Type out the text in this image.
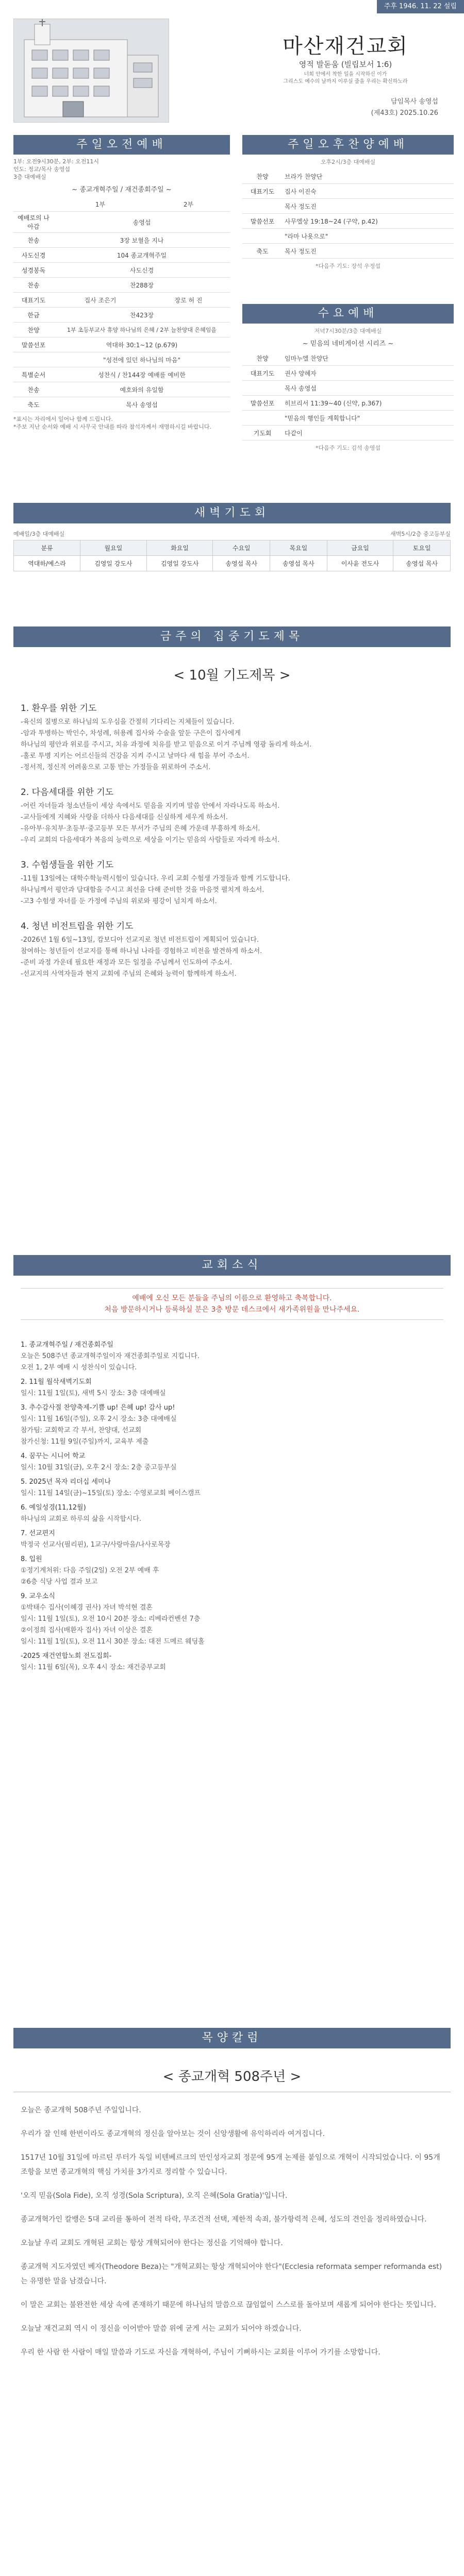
주후 1946. 11. 22 설립
마산재건교회
영적 발돋움 (빌립보서 1:6)
너희 안에서 착한 일을 시작하신 이가
그리스도 예수의 날까지 이루실 줄을 우리는 확신하노라
담임목사 송영섭
(제43호) 2025.10.26
주일오전예배
1부: 오전9시30분, 2부: 오전11시
인도: 정교/목사 송영섭
3층 대예배실
~ 종교개혁주일 / 재건종회주일 ~
	1부	2부
예배로의 나아감	송영섭	
찬송	3장 보혈을 지나	
사도신경	104 종교개혁주일	
성경봉독	사도신경	
찬송	찬288장	
대표기도	집사 조은기	장로 허 진
한금	찬423장	
찬양	1부 초등부교사 휴양 하나님의 은혜 / 2부 늘찬양대 은혜임을	
말씀선포	역대하 30:1~12 (p.679)	
	"성전에 있던 하나님의 마음"	
특별순서	성찬식 / 찬144장 예배를 예비한	
찬송	예호와의 유일함	
축도	목사 송영섭	
*표시는 자리에서 일어나 함께 드립니다.
*주보 지난 순서와 예배 시 사무국 안내를 따라 참석자께서 재명하시길 바랍니다.
주일오후찬양예배
오후2시/3층 대예배실
찬양	브라가 찬양단
대표기도	집사 이진숙
	목사 정도진
말씀선포	사무엘상 19:18~24 (구약, p.42)
	"라마 나욧으로"
축도	목사 정도진
*다음주 기도: 장석 우정섭
수요예배
저녁7시30분/3층 대예배실
~ 믿음의 네비게이션 시리즈 ~
찬양	임마누엘 찬양단
대표기도	권사 양혜자
	목사 송영섭
말씀선포	히브리서 11:39~40 (신약, p.367)
	"믿음의 행인들 계획합니다"
기도회	다같이
*다음주 기도: 김석 송영섭
새벽기도회
예배일/3층 대예배실	새벽5시/2층 중고등부실
분류	월요일	화요일	수요일	목요일	금요일	토요일
역대하/예스라	김영일 강도사	김영일 강도사	송영섭 목사	송영섭 목사	이사윤 전도사	송영섭 목사
금주의 집중기도제목
< 10월 기도제목 >

1. 환우를 위한 기도

-육신의 질병으로 하나님의 도우심을 간절히 기다리는 지체들이 있습니다.

-암과 투병하는 박인수, 차성례, 허용례 집사와 수술을 앞둔 구은이 집사에게

하나님의 평안과 위로를 주시고, 치유 과정에 치유를 받고 믿음으로 이겨 주님께 영광 돌리게 하소서.

-홀로 투병 지키는 어르신들의 건강을 지켜 주시고 날마다 새 힘을 부어 주소서.

-정서적, 정신적 어려움으로 고통 받는 가정들을 위로하여 주소서.

2. 다음세대를 위한 기도

-어린 자녀들과 청소년들이 세상 속에서도 믿음을 지키며 말씀 안에서 자라나도록 하소서.

-교사들에게 지혜와 사랑을 더하사 다음세대를 신실하게 세우게 하소서.

-유아부·유치부·초등부·중고등부 모든 부서가 주님의 은혜 가운데 부흥하게 하소서.

-우리 교회의 다음세대가 복음의 능력으로 세상을 이기는 믿음의 사람들로 자라게 하소서.

3. 수험생들을 위한 기도

-11월 13일에는 대학수학능력시험이 있습니다. 우리 교회 수험생 가정들과 함께 기도합니다.

하나님께서 평안과 담대함을 주시고 최선을 다해 준비한 것을 마음껏 펼치게 하소서.

-고3 수험생 자녀를 둔 가정에 주님의 위로와 평강이 넘치게 하소서.

4. 청년 비전트립을 위한 기도

-2026년 1월 6일~13일, 캄보디아 선교지로 청년 비전트립이 계획되어 있습니다.

참여하는 청년들이 선교지를 통해 하나님 나라를 경험하고 비전을 발견하게 하소서.

-준비 과정 가운데 필요한 재정과 모든 일정을 주님께서 인도하여 주소서.

-선교지의 사역자들과 현지 교회에 주님의 은혜와 능력이 함께하게 하소서.

교회소식
예배에 오신 모든 분들을 주님의 이름으로 환영하고 축복합니다.
처음 방문하시거나 등록하실 분은 3층 방문 데스크에서 새가족위원을 만나주세요.

1. 종교개혁주일 / 재건종회주일

오늘은 508주년 종교개혁주일이자 재건종회주일로 지킵니다.

오전 1, 2부 예배 시 성찬식이 있습니다.

2. 11월 월삭새벽기도회

일시: 11월 1일(토), 새벽 5시 장소: 3층 대예배실

3. 추수감사절 찬양축제-기쁨 up! 은혜 up! 감사 up!

일시: 11월 16일(주일), 오후 2시 장소: 3층 대예배실

참가팀: 교회학교 각 부서, 찬양대, 선교회

참가신청: 11월 9일(주일)까지, 교육부 제출

4. 꿈꾸는 시니어 학교

일시: 10월 31일(금), 오후 2시 장소: 2층 중고등부실

5. 2025년 목자 리더십 세미나

일시: 11월 14일(금)~15일(토) 장소: 수영로교회 베이스캠프

6. 예일성경(11,12월)

하나님의 교회로 하루의 삶을 시작합시다.

7. 선교편지

박정국 선교사(필리핀), 1교구/사랑마을/나사로목장

8. 입원

①정기계처위: 다음 주일(2일) 오전 2부 예배 후

②6층 식당 사업 결과 보고

9. 교우소식

①박태수 집사(이혜경 권사) 자녀 박석현 결혼

일시: 11월 1일(토), 오전 10시 20분 장소: 리베라컨벤션 7층

②이정희 집사(배환자 집사) 자녀 이상은 결혼

일시: 11월 1일(토), 오전 11시 30분 장소: 대전 드메르 웨딩홀

-2025 재건연합노회 전도집회-

일시: 11월 6일(목), 오후 4시 장소: 재건중부교회

목양칼럼
< 종교개혁 508주년 >

오늘은 종교개혁 508주년 주일입니다.

우리가 잘 인해 한번이라도 종교개혁의 정신을 알아보는 것이 신앙생활에 유익하리라 여겨집니다.

1517년 10월 31일에 마르틴 루터가 독일 비텐베르크의 만인성자교회 정문에 95개 논제를 붙임으로 개혁이 시작되었습니다. 이 95개 조항을 보면 종교개혁의 핵심 가치를 3가지로 정리할 수 있습니다.

'오직 믿음(Sola Fide), 오직 성경(Sola Scriptura), 오직 은혜(Sola Gratia)'입니다.

종교개혁가인 칼뱅은 5대 교리를 통하여 전적 타락, 무조건적 선택, 제한적 속죄, 불가항력적 은혜, 성도의 견인을 정리하였습니다.

오늘날 우리 교회도 개혁된 교회는 항상 개혁되어야 한다는 정신을 기억해야 합니다.

종교개혁 지도자였던 베자(Theodore Beza)는 "개혁교회는 항상 개혁되어야 한다"(Ecclesia reformata semper reformanda est)는 유명한 말을 남겼습니다.

이 말은 교회는 불완전한 세상 속에 존재하기 때문에 하나님의 말씀으로 끊임없이 스스로를 돌아보며 새롭게 되어야 한다는 뜻입니다.

오늘날 재건교회 역시 이 정신을 이어받아 말씀 위에 굳게 서는 교회가 되어야 하겠습니다.

우리 한 사람 한 사람이 매일 말씀과 기도로 자신을 개혁하여, 주님이 기뻐하시는 교회를 이루어 가기를 소망합니다.
